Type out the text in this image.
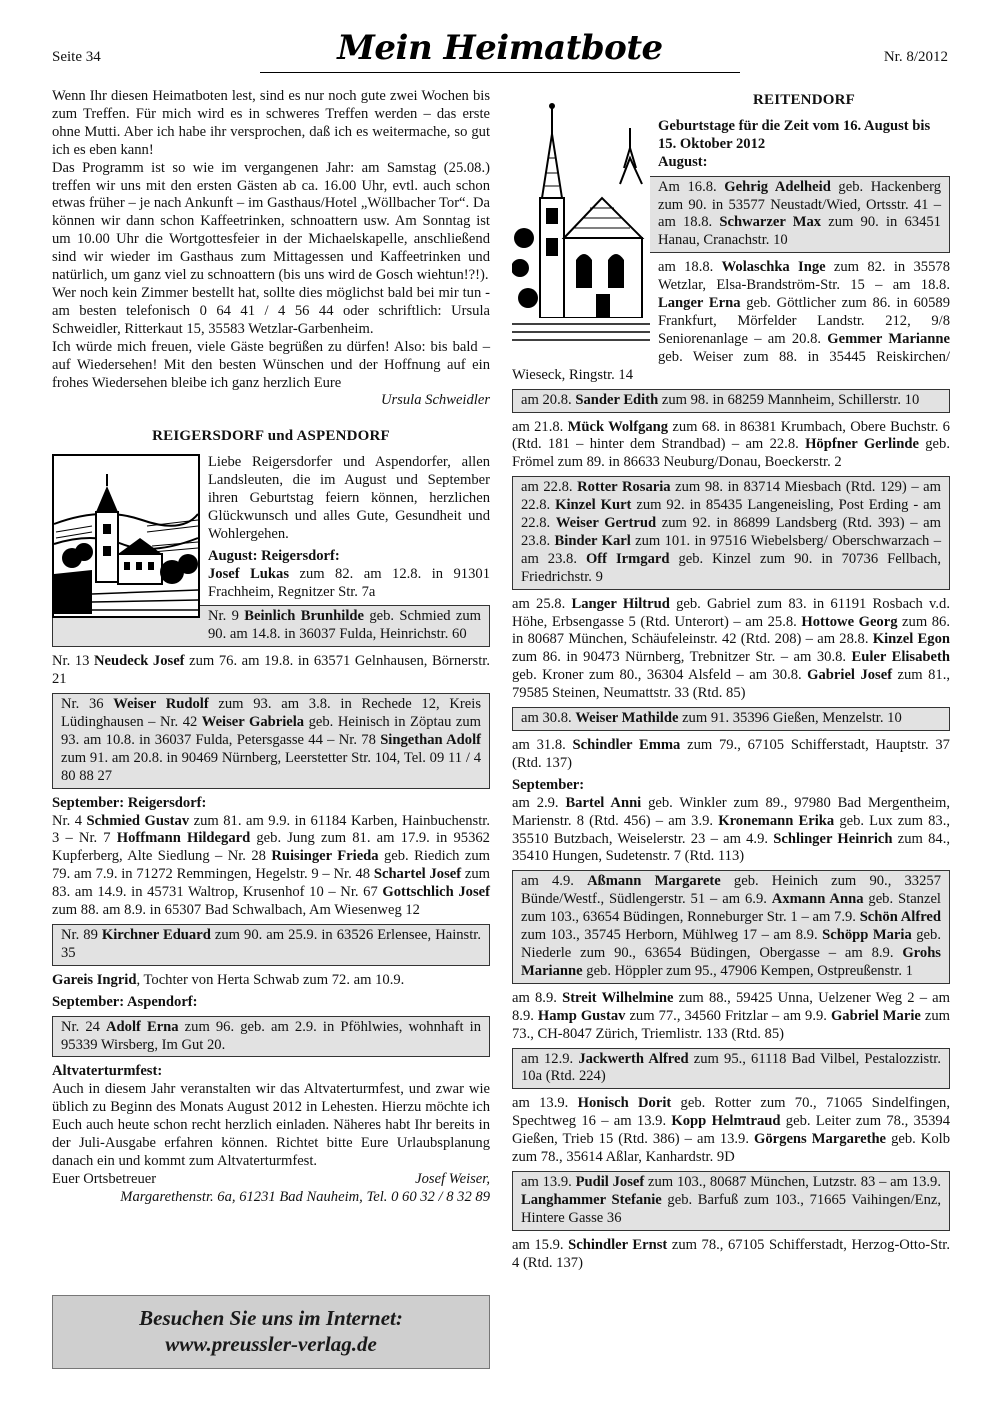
Seite 34	Mein Heimatbote	Nr. 8/2012

Wenn Ihr diesen Heimatboten lest, sind es nur noch gute zwei Wochen bis zum Treffen. Für mich wird es in schweres Treffen werden – das erste ohne Mutti. Aber ich habe ihr versprochen, daß ich es weitermache, so gut ich es eben kann!

Das Programm ist so wie im vergangenen Jahr: am Samstag (25.08.) treffen wir uns mit den ersten Gästen ab ca. 16.00 Uhr, evtl. auch schon etwas früher – je nach Ankunft – im Gasthaus/Hotel „Wöllbacher Tor“. Da können wir dann schon Kaffeetrinken, schnoattern usw. Am Sonntag ist um 10.00 Uhr die Wortgottesfeier in der Michaelskapelle, anschließend sind wir wieder im Gasthaus zum Mittagessen und Kaffeetrinken und natürlich, um ganz viel zu schnoattern (bis uns wird de Gosch wiehtun!?!).

Wer noch kein Zimmer bestellt hat, sollte dies möglichst bald bei mir tun - am besten telefonisch 0 64 41 / 4 56 44 oder schriftlich: Ursula Schweidler, Ritterkaut 15, 35583 Wetzlar-Garbenheim.

Ich würde mich freuen, viele Gäste begrüßen zu dürfen! Also: bis bald – auf Wiedersehen! Mit den besten Wünschen und der Hoffnung auf ein frohes Wiedersehen bleibe ich ganz herzlich Eure

Ursula Schweidler
REIGERSDORF und ASPENDORF

Liebe Reigersdorfer und Aspendorfer, allen Landsleuten, die im August und September ihren Geburtstag feiern können, herzlichen Glückwunsch und alles Gute, Gesundheit und Wohlergehen.

August: Reigersdorf:

Josef Lukas zum 82. am 12.8. in 91301 Frachheim, Regnitzer Str. 7a

Nr. 9 Beinlich Brunhilde geb. Schmied zum 90. am 14.8. in 36037 Fulda, Heinrichstr. 60

Nr. 13 Neudeck Josef zum 76. am 19.8. in 63571 Gelnhausen, Börnerstr. 21

Nr. 36 Weiser Rudolf zum 93. am 3.8. in Rechede 12, Kreis Lüdinghausen – Nr. 42 Weiser Gabriela geb. Heinisch in Zöptau zum 93. am 10.8. in 36037 Fulda, Petersgasse 44 – Nr. 78 Singethan Adolf zum 91. am 20.8. in 90469 Nürnberg, Leerstetter Str. 104, Tel. 09 11 / 4 80 88 27
September: Reigersdorf:

Nr. 4 Schmied Gustav zum 81. am 9.9. in 61184 Karben, Hainbuchenstr. 3 – Nr. 7 Hoffmann Hildegard geb. Jung zum 81. am 17.9. in 95362 Kupferberg, Alte Siedlung – Nr. 28 Ruisinger Frieda geb. Riedich zum 79. am 7.9. in 71272 Remmingen, Hegelstr. 9 – Nr. 48 Schartel Josef zum 83. am 14.9. in 45731 Waltrop, Krusenhof 10 – Nr. 67 Gottschlich Josef zum 88. am 8.9. in 65307 Bad Schwalbach, Am Wiesenweg 12

Nr. 89 Kirchner Eduard zum 90. am 25.9. in 63526 Erlensee, Hainstr. 35

Gareis Ingrid, Tochter von Herta Schwab zum 72. am 10.9.

September: Aspendorf:
Nr. 24 Adolf Erna zum 96. geb. am 2.9. in Pföhlwies, wohnhaft in 95339 Wirsberg, Im Gut 20.
Altvaterturmfest:

Auch in diesem Jahr veranstalten wir das Altvaterturmfest, und zwar wie üblich zu Beginn des Monats August 2012 in Lehesten. Hierzu möchte ich Euch auch heute schon recht herzlich einladen. Näheres habt Ihr bereits in der Juli-Ausgabe erfahren können. Richtet bitte Eure Urlaubsplanung danach ein und kommt zum Altvaterturmfest.

Euer Ortsbetreuer	Josef Weiser,
Margarethenstr. 6a, 61231 Bad Nauheim, Tel. 0 60 32 / 8 32 89
Besuchen Sie uns im Internet:
www.preussler-verlag.de
REITENDORF
Geburtstage für die Zeit vom 16. August bis 15. Oktober 2012
August:
Am 16.8. Gehrig Adelheid geb. Hackenberg zum 90. in 53577 Neustadt/Wied, Ortsstr. 41 – am 18.8. Schwarzer Max zum 90. in 63451 Hanau, Cranachstr. 10

am 18.8. Wolaschka Inge zum 82. in 35578 Wetzlar, Elsa-Brandström-Str. 15 – am 18.8. Langer Erna geb. Göttlicher zum 86. in 60589 Frankfurt, Mörfelder Landstr. 212, 9/8 Seniorenanlage – am 20.8. Gemmer Marianne geb. Weiser zum 88. in 35445 Reiskirchen/ Wieseck, Ringstr. 14

am 20.8. Sander Edith zum 98. in 68259 Mannheim, Schillerstr. 10

am 21.8. Mück Wolfgang zum 68. in 86381 Krumbach, Obere Buchstr. 6 (Rtd. 181 – hinter dem Strandbad) – am 22.8. Höpfner Gerlinde geb. Frömel zum 89. in 86633 Neuburg/Donau, Boeckerstr. 2

am 22.8. Rotter Rosaria zum 98. in 83714 Miesbach (Rtd. 129) – am 22.8. Kinzel Kurt zum 92. in 85435 Langeneisling, Post Erding - am 22.8. Weiser Gertrud zum 92. in 86899 Landsberg (Rtd. 393) – am 23.8. Binder Karl zum 101. in 97516 Wiebelsberg/ Oberschwarzach – am 23.8. Off Irmgard geb. Kinzel zum 90. in 70736 Fellbach, Friedrichstr. 9

am 25.8. Langer Hiltrud geb. Gabriel zum 83. in 61191 Rosbach v.d. Höhe, Erbsengasse 5 (Rtd. Unterort) – am 25.8. Hottowe Georg zum 86. in 80687 München, Schäufeleinstr. 42 (Rtd. 208) – am 28.8. Kinzel Egon zum 86. in 90473 Nürnberg, Trebnitzer Str. – am 30.8. Euler Elisabeth geb. Kroner zum 80., 36304 Alsfeld – am 30.8. Gabriel Josef zum 81., 79585 Steinen, Neumattstr. 33 (Rtd. 85)

am 30.8. Weiser Mathilde zum 91. 35396 Gießen, Menzelstr. 10

am 31.8. Schindler Emma zum 79., 67105 Schifferstadt, Hauptstr. 37 (Rtd. 137)

September:

am 2.9. Bartel Anni geb. Winkler zum 89., 97980 Bad Mergentheim, Marienstr. 8 (Rtd. 456) – am 3.9. Kronemann Erika geb. Lux zum 83., 35510 Butzbach, Weiselerstr. 23 – am 4.9. Schlinger Heinrich zum 84., 35410 Hungen, Sudetenstr. 7 (Rtd. 113)

am 4.9. Aßmann Margarete geb. Heinich zum 90., 33257 Bünde/Westf., Südlengerstr. 51 – am 6.9. Axmann Anna geb. Stanzel zum 103., 63654 Büdingen, Ronneburger Str. 1 – am 7.9. Schön Alfred zum 103., 35745 Herborn, Mühlweg 17 – am 8.9. Schöpp Maria geb. Niederle zum 90., 63654 Büdingen, Obergasse – am 8.9. Grohs Marianne geb. Höppler zum 95., 47906 Kempen, Ostpreußenstr. 1

am 8.9. Streit Wilhelmine zum 88., 59425 Unna, Uelzener Weg 2 – am 8.9. Hamp Gustav zum 77., 34560 Fritzlar – am 9.9. Gabriel Marie zum 73., CH-8047 Zürich, Triemlistr. 133 (Rtd. 85)

am 12.9. Jackwerth Alfred zum 95., 61118 Bad Vilbel, Pestalozzistr. 10a (Rtd. 224)

am 13.9. Honisch Dorit geb. Rotter zum 70., 71065 Sindelfingen, Spechtweg 16 – am 13.9. Kopp Helmtraud geb. Leiter zum 78., 35394 Gießen, Trieb 15 (Rtd. 386) – am 13.9. Görgens Margarethe geb. Kolb zum 78., 35614 Aßlar, Kanhardstr. 9D

am 13.9. Pudil Josef zum 103., 80687 München, Lutzstr. 83 – am 13.9. Langhammer Stefanie geb. Barfuß zum 103., 71665 Vaihingen/Enz, Hintere Gasse 36

am 15.9. Schindler Ernst zum 78., 67105 Schifferstadt, Herzog-Otto-Str. 4 (Rtd. 137)
